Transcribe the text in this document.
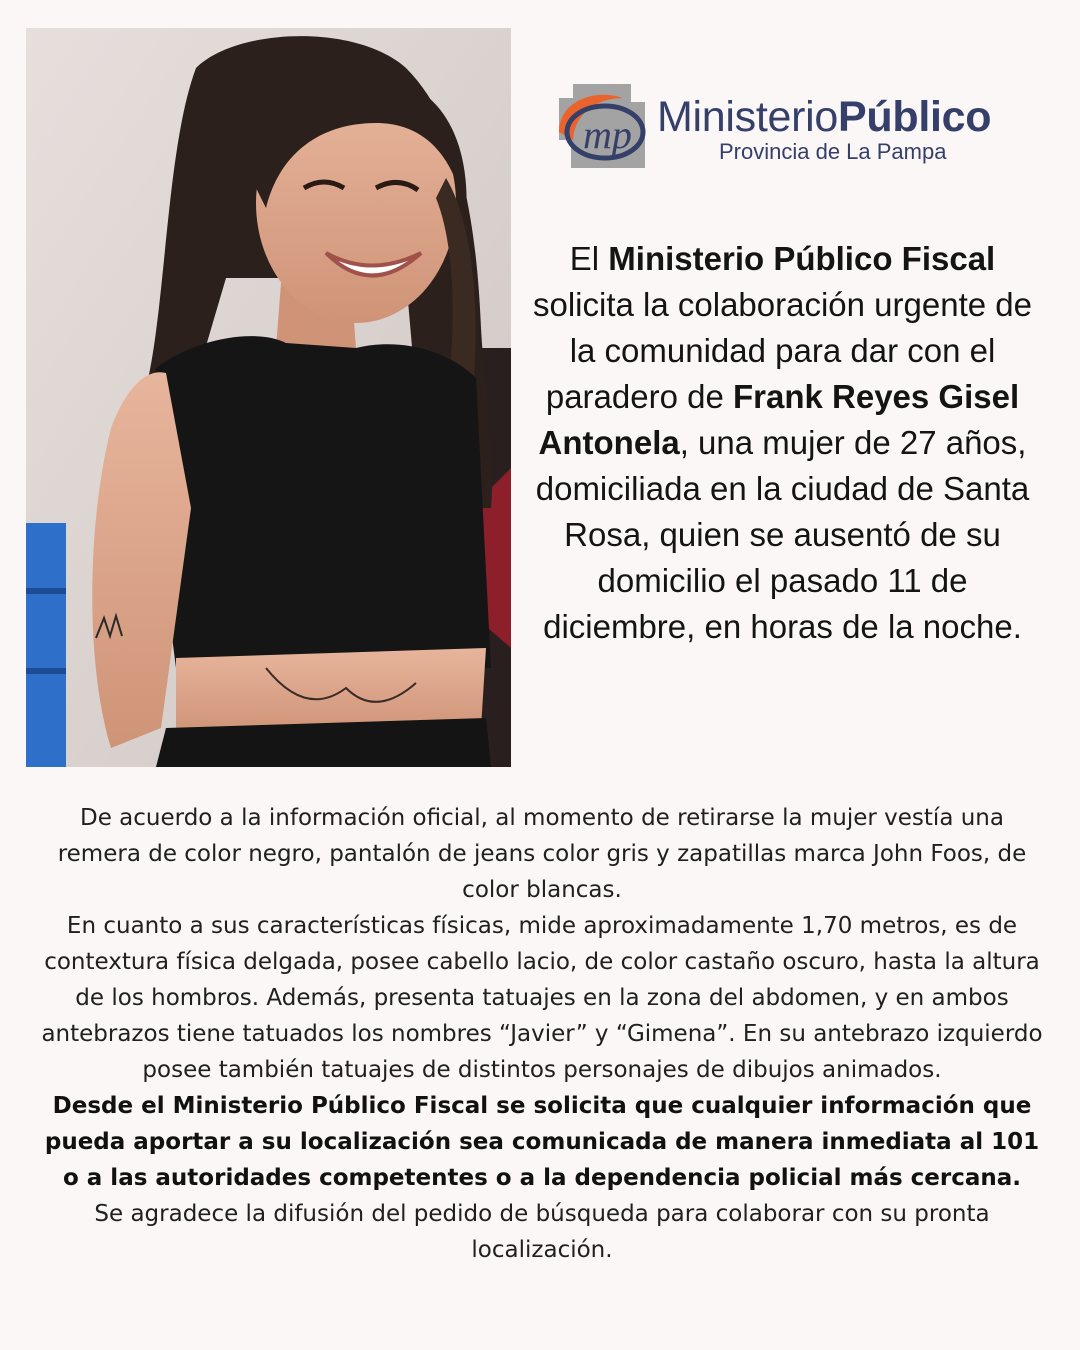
mp MinisterioPúblico
Provincia de La Pampa
El Ministerio Público Fiscal solicita la colaboración urgente de la comunidad para dar con el paradero de Frank Reyes Gisel Antonela, una mujer de 27 años, domiciliada en la ciudad de Santa Rosa, quien se ausentó de su domicilio el pasado 11 de diciembre, en horas de la noche.

De acuerdo a la información oficial, al momento de retirarse la mujer vestía una remera de color negro, pantalón de jeans color gris y zapatillas marca John Foos, de color blancas.

En cuanto a sus características físicas, mide aproximadamente 1,70 metros, es de contextura física delgada, posee cabello lacio, de color castaño oscuro, hasta la altura de los hombros. Además, presenta tatuajes en la zona del abdomen, y en ambos antebrazos tiene tatuados los nombres “Javier” y “Gimena”. En su antebrazo izquierdo posee también tatuajes de distintos personajes de dibujos animados.

Desde el Ministerio Público Fiscal se solicita que cualquier información que pueda aportar a su localización sea comunicada de manera inmediata al 101 o a las autoridades competentes o a la dependencia policial más cercana.

Se agradece la difusión del pedido de búsqueda para colaborar con su pronta localización.
